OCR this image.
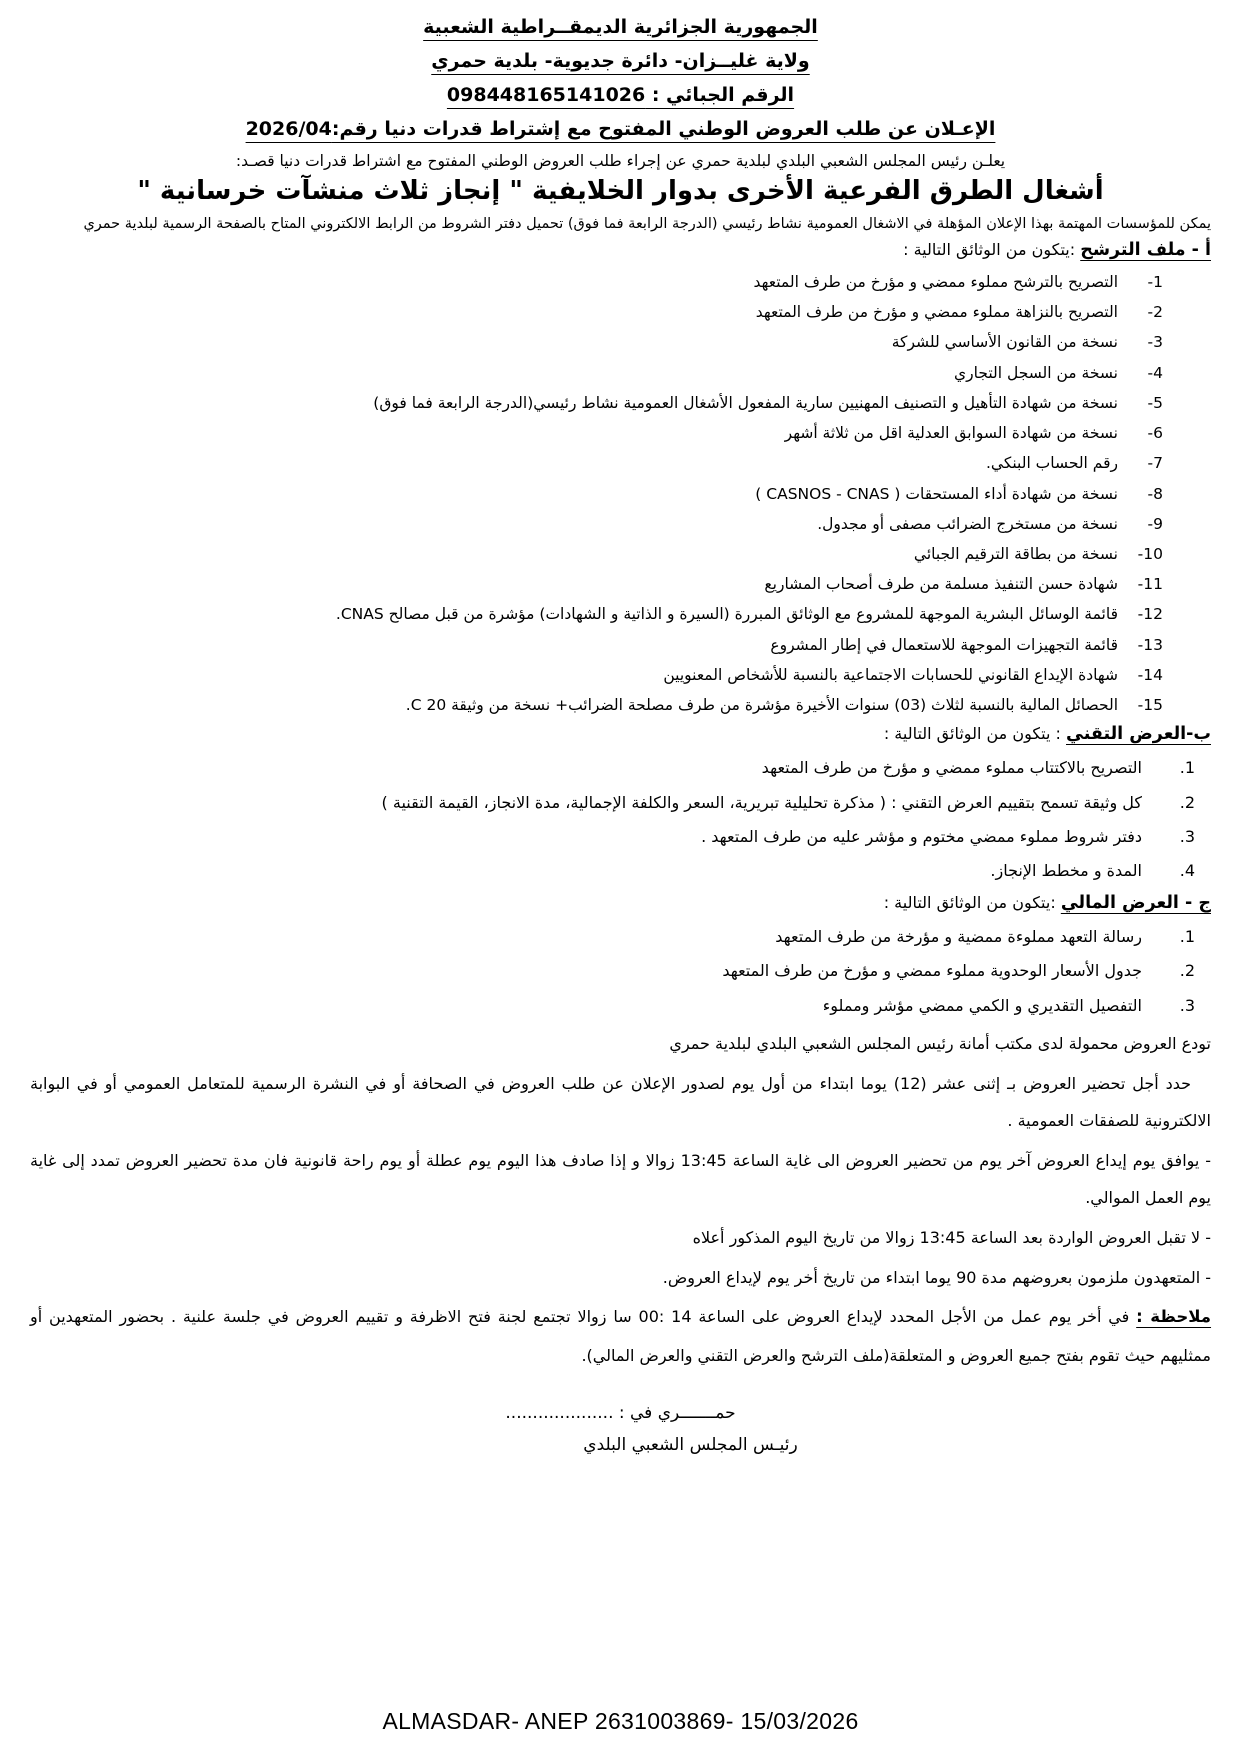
الجمهورية الجزائرية الديمقــراطية الشعبية
ولاية غليــزان- دائرة جديوية- بلدية حمري
الرقم الجبائي : 098448165141026
الإعـلان عن طلب العروض الوطني المفتوح مع إشتراط قدرات دنيا رقم:2026/04

يعلـن رئيس المجلس الشعبي البلدي لبلدية حمري عن إجراء طلب العروض الوطني المفتوح مع اشتراط قدرات دنيا قصـد:

أشغال الطرق الفرعية الأخرى بدوار الخلايفية " إنجاز ثلاث منشآت خرسانية "

يمكن للمؤسسات المهتمة بهذا الإعلان المؤهلة في الاشغال العمومية نشاط رئيسي (الدرجة الرابعة فما فوق) تحميل دفتر الشروط من الرابط الالكتروني المتاح بالصفحة الرسمية لبلدية حمري

أ - ملف الترشح :يتكون من الوثائق التالية :
1-
التصريح بالترشح مملوء ممضي و مؤرخ من طرف المتعهد
2-
التصريح بالنزاهة مملوء ممضي و مؤرخ من طرف المتعهد
3-
نسخة من القانون الأساسي للشركة
4-
نسخة من السجل التجاري
5-
نسخة من شهادة التأهيل و التصنيف المهنيين سارية المفعول الأشغال العمومية نشاط رئيسي(الدرجة الرابعة فما فوق)
6-
نسخة من شهادة السوابق العدلية اقل من ثلاثة أشهر
7-
رقم الحساب البنكي.
8-
نسخة من شهادة أداء المستحقات ( CASNOS - CNAS )
9-
نسخة من مستخرج الضرائب مصفى أو مجدول.
10-
نسخة من بطاقة الترقيم الجبائي
11-
شهادة حسن التنفيذ مسلمة من طرف أصحاب المشاريع
12-
قائمة الوسائل البشرية الموجهة للمشروع مع الوثائق المبررة (السيرة و الذاتية و الشهادات) مؤشرة من قبل مصالح CNAS.
13-
قائمة التجهيزات الموجهة للاستعمال في إطار المشروع
14-
شهادة الإيداع القانوني للحسابات الاجتماعية بالنسبة للأشخاص المعنويين
15-
الحصائل المالية بالنسبة لثلاث (03) سنوات الأخيرة مؤشرة من طرف مصلحة الضرائب+ نسخة من وثيقة C 20.
ب-العرض التقني : يتكون من الوثائق التالية :
1.
التصريح بالاكتتاب مملوء ممضي و مؤرخ من طرف المتعهد
2.
كل وثيقة تسمح بتقييم العرض التقني : ( مذكرة تحليلية تبريرية، السعر والكلفة الإجمالية، مدة الانجاز، القيمة التقنية )
3.
دفتر شروط مملوء ممضي مختوم و مؤشر عليه من طرف المتعهد .
4.
المدة و مخطط الإنجاز.
ج - العرض المالي :يتكون من الوثائق التالية :
1.
رسالة التعهد مملوءة ممضية و مؤرخة من طرف المتعهد
2.
جدول الأسعار الوحدوية مملوء ممضي و مؤرخ من طرف المتعهد
3.
التفصيل التقديري و الكمي ممضي مؤشر ومملوء

تودع العروض محمولة لدى مكتب أمانة رئيس المجلس الشعبي البلدي لبلدية حمري

حدد أجل تحضير العروض بـ إثنى عشر (12) يوما ابتداء من أول يوم لصدور الإعلان عن طلب العروض في الصحافة أو في النشرة الرسمية للمتعامل العمومي أو في البوابة الالكترونية للصفقات العمومية .

- يوافق يوم إيداع العروض آخر يوم من تحضير العروض الى غاية الساعة 13:45 زوالا و إذا صادف هذا اليوم يوم عطلة أو يوم راحة قانونية فان مدة تحضير العروض تمدد إلى غاية يوم العمل الموالي.

- لا تقبل العروض الواردة بعد الساعة 13:45 زوالا من تاريخ اليوم المذكور أعلاه

- المتعهدون ملزمون بعروضهم مدة 90 يوما ابتداء من تاريخ أخر يوم لإيداع العروض.

ملاحظة : في أخر يوم عمل من الأجل المحدد لإيداع العروض على الساعة 14 :00 سا زوالا تجتمع لجنة فتح الاظرفة و تقييم العروض في جلسة علنية . بحضور المتعهدين أو ممثليهم حيث تقوم بفتح جميع العروض و المتعلقة(ملف الترشح والعرض التقني والعرض المالي).

حمـــــــري في : ....................

رئيـس المجلس الشعبي البلدي

ALMASDAR- ANEP 2631003869- 15/03/2026
